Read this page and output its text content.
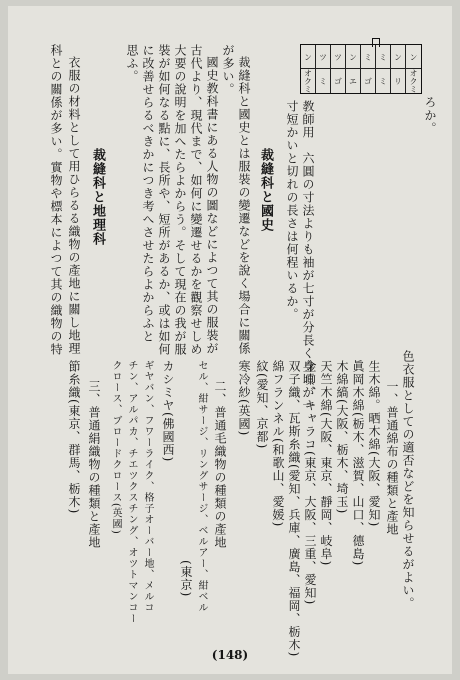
ン ツ ツ ン ミ ミ ン ン
オクミ ミ ゴ エ ゴ ミ リ オクミ
ろか。
教師用　六圓の寸法よりも袖が七寸が分長く身頃が一
寸短かいと切れの長さは何程いるか。
裁縫科と國史
裁縫科と國史とは服裝の變遷などを說く場合に關係
が多い。
國史教科書にある人物の圖などによつて其の服裝が
古代より、現代まで、如何に變遷せるかを觀察せしめ
大要の說明を加へたらよからう。そして現在の我が服
裝が如何なる點に、長所や、短所があるか、或は如何
に改善せらるべきかにつき考へさせたらよからふと
思ふ。
裁縫科と地理科
衣服の材料として用ひらるる織物の產地に關し地理
科との關係が多い。實物や標本によつて其の織物の特
色衣服としての適否などを知らせるがよい。
一、普通綿布の種類と產地
生木綿。晒木綿(大阪、愛知)
眞岡木綿(栃木、滋賀、山口、德島)
木綿縞(大阪、栃木、埼玉)
天竺木綿(大阪、東京、靜岡、岐阜)
金巾、キャラコ(東京、大阪、三重、愛知)
双子織、瓦斯糸織(愛知、兵庫、廣島、福岡、栃木)
綿フランネル(和歌山、愛媛)
紋(愛知、京都)
寒冷紗(英國)
二、普通毛織物の種類の產地
セル、紺サージ、リングサージ、ベルアー、紺ベル
(東京)
カシミヤ(佛國西)
ギヤバン、フワーライク、格子オーバー地、メルコ
チン、アルパカ、チエツクスチング、オツトマンコー
クロース、ブロードクロース(英國)
三、普通絹織物の種類と產地
節糸織(東京、群馬、栃木)
(148)
